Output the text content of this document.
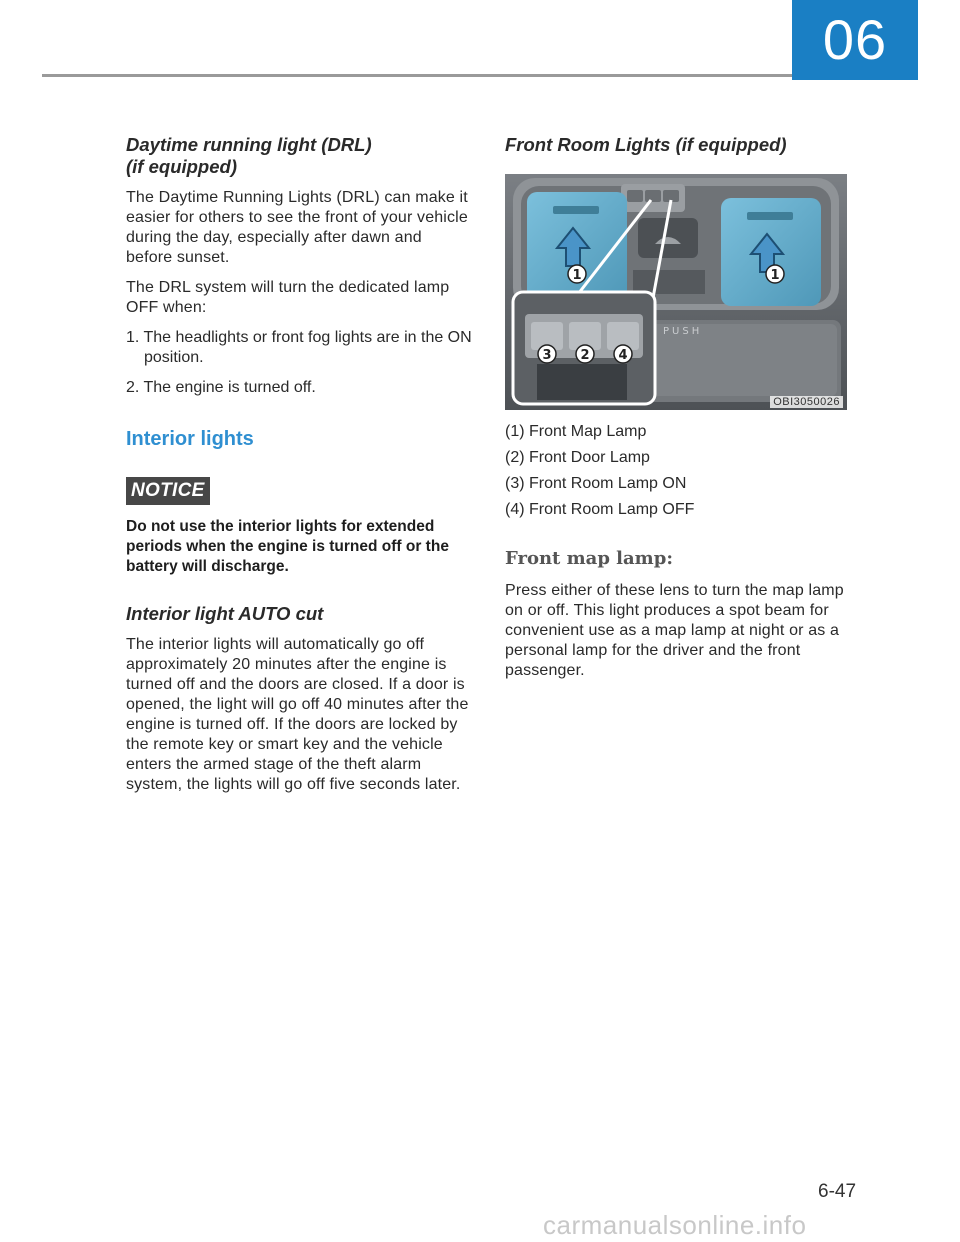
06
Daytime running light (DRL)
(if equipped)

The Daytime Running Lights (DRL) can make it easier for others to see the front of your vehicle during the day, especially after dawn and before sunset.

The DRL system will turn the dedicated lamp OFF when:

1. The headlights or front fog lights are in the ON position.
2. The engine is turned off.
Interior lights
NOTICE
Do not use the interior lights for extended periods when the engine is turned off or the battery will discharge.
Interior light AUTO cut

The interior lights will automatically go off approximately 20 minutes after the engine is turned off and the doors are closed. If a door is opened, the light will go off 40 minutes after the engine is turned off. If the doors are locked by the remote key or smart key and the vehicle enters the armed stage of the theft alarm system, the lights will go off five seconds later.

Front Room Lights (if equipped)
PUSH
1	1
3 2 4
OBI3050026
(1) Front Map Lamp
(2) Front Door Lamp
(3) Front Room Lamp ON
(4) Front Room Lamp OFF
Front map lamp:

Press either of these lens to turn the map lamp on or off. This light produces a spot beam for convenient use as a map lamp at night or as a personal lamp for the driver and the front passenger.

6-47
carmanualsonline.info
